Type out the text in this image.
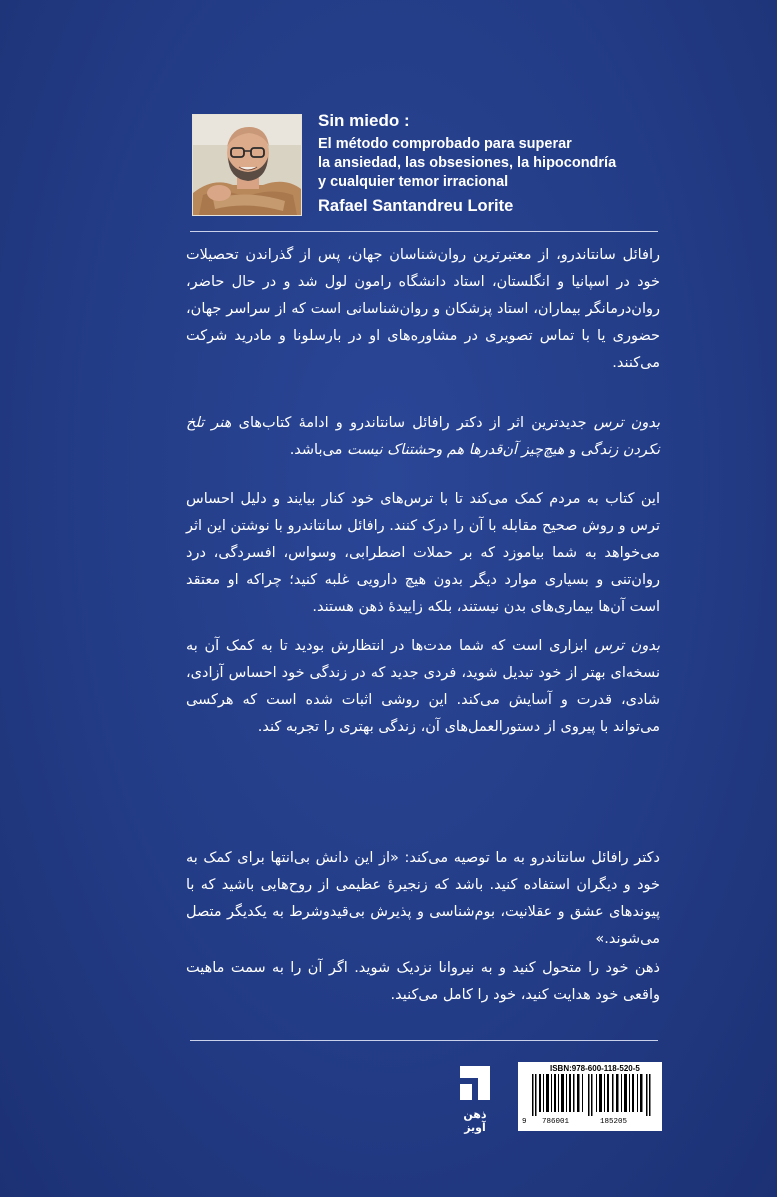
Sin miedo :
El método comprobado para superar
la ansiedad, las obsesiones, la hipocondría
y cualquier temor irracional
Rafael Santandreu Lorite

رافائل سانتاندرو، از معتبرترین روان‌شناسان جهان، پس از گذراندن تحصیلات خود در اسپانیا و انگلستان، استاد دانشگاه رامون لول شد و در حال حاضر، روان‌درمانگر بیماران، استاد پزشکان و روان‌شناسانی است که از سراسر جهان، حضوری یا با تماس تصویری در مشاوره‌های او در بارسلونا و مادرید شرکت می‌کنند.

بدون ترس جدیدترین اثر از دکتر رافائل سانتاندرو و ادامهٔ کتاب‌های هنر تلخ نکردن زندگی و هیچ‌چیز آن‌قدرها هم وحشتناک نیست می‌باشد.

این کتاب به مردم کمک می‌کند تا با ترس‌های خود کنار بیایند و دلیل احساس ترس و روش صحیح مقابله با آن را درک کنند. رافائل سانتاندرو با نوشتن این اثر می‌خواهد به شما بیاموزد که بر حملات اضطرابی، وسواس، افسردگی، درد روان‌تنی و بسیاری موارد دیگر بدون هیچ دارویی غلبه کنید؛ چراکه او معتقد است آن‌ها بیماری‌های بدن نیستند، بلکه زاییدهٔ ذهن هستند.

بدون ترس ابزاری است که شما مدت‌ها در انتظارش بودید تا به کمک آن به نسخه‌ای بهتر از خود تبدیل شوید، فردی جدید که در زندگی خود احساس آزادی، شادی، قدرت و آسایش می‌کند. این روشی اثبات شده است که هرکسی می‌تواند با پیروی از دستورالعمل‌های آن، زندگی بهتری را تجربه کند.

دکتر رافائل سانتاندرو به ما توصیه می‌کند: «از این دانش بی‌انتها برای کمک به خود و دیگران استفاده کنید. باشد که زنجیرهٔ عظیمی از روح‌هایی باشید که با پیوندهای عشق و عقلانیت، بوم‌شناسی و پذیرش بی‌قیدوشرط به یکدیگر متصل می‌شوند.»

ذهن خود را متحول کنید و به نیروانا نزدیک شوید. اگر آن را به سمت ماهیت واقعی خود هدایت کنید، خود را کامل می‌کنید.

ذهن آویز
ISBN:978-600-118-520-5
9 786001	185205
